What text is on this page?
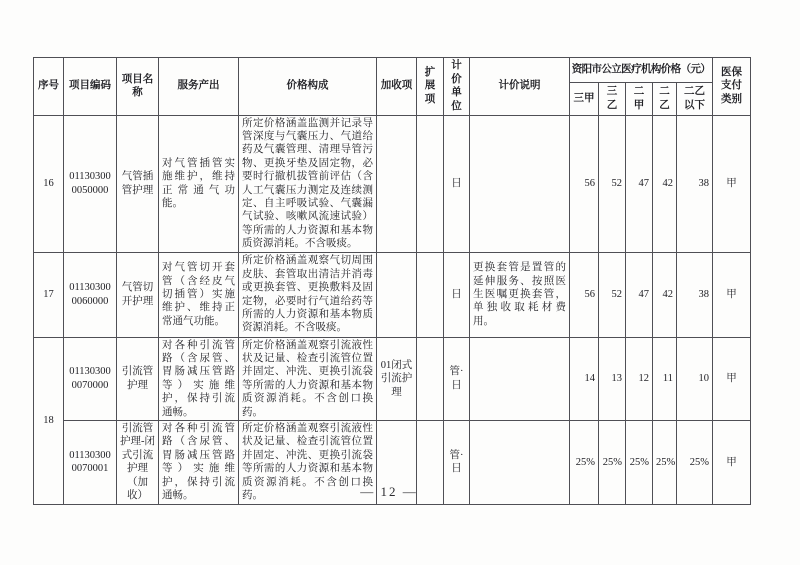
序号	项目编码	项目名称	服务产出	价格构成	加收项	扩展项	计价单位	计价说明	资阳市公立医疗机构价格（元）					医保支付类别
									三甲	三乙	二甲	二乙	二乙以下	
16	011303000050000	气管插管护理	对气管插管实施维护，维持正常通气功能。	所定价格涵盖监测并记录导管深度与气囊压力、气道给药及气囊管理、清理导管污物、更换牙垫及固定物，必要时行撤机拔管前评估（含人工气囊压力测定及连续测定、自主呼吸试验、气囊漏气试验、咳嗽风流速试验）等所需的人力资源和基本物质资源消耗。不含吸痰。			日		56	52	47	42	38	甲
17	011303000060000	气管切开护理	对气管切开套管（含经皮气切插管）实施维护、维持正常通气功能。	所定价格涵盖观察气切周围皮肤、套管取出清洁并消毒或更换套管、更换敷料及固定物，必要时行气道给药等所需的人力资源和基本物质资源消耗。不含吸痰。			日	更换套管是置管的延伸服务、按照医生医嘱更换套管，单独收取耗材费用。	56	52	47	42	38	甲
18	011303000070000	引流管护理	对各种引流管路（含尿管、胃肠减压管路等）实施维护，保持引流通畅。	所定价格涵盖观察引流液性状及记量、检查引流管位置并固定、冲洗、更换引流袋等所需的人力资源和基本物质资源消耗。不含创口换药。	01闭式引流护理		管·日		14	13	12	11	10	甲
	011303000070001	引流管护理-闭式引流护理（加收）	对各种引流管路（含尿管、胃肠减压管路等）实施维护，保持引流通畅。	所定价格涵盖观察引流液性状及记量、检查引流管位置并固定、冲洗、更换引流袋等所需的人力资源和基本物质资源消耗。不含创口换药。			管·日		25%	25%	25%	25%	25%	甲
— 12 —
